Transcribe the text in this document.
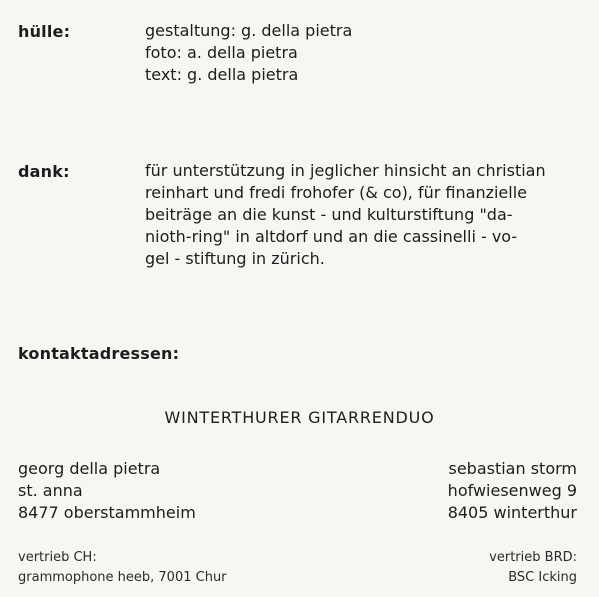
hülle:	gestaltung: g. della pietra
foto: a. della pietra
text: g. della pietra
dank:	für unterstützung in jeglicher hinsicht an christian
reinhart und fredi frohofer (& co), für finanzielle
beiträge an die kunst - und kulturstiftung "da-
nioth-ring" in altdorf und an die cassinelli - vo-
gel - stiftung in zürich.
kontaktadressen:
WINTERTHURER GITARRENDUO
georg della pietra
st. anna
8477 oberstammheim
sebastian storm
hofwiesenweg 9
8405 winterthur
vertrieb CH:
grammophone heeb, 7001 Chur
vertrieb BRD:
BSC Icking
